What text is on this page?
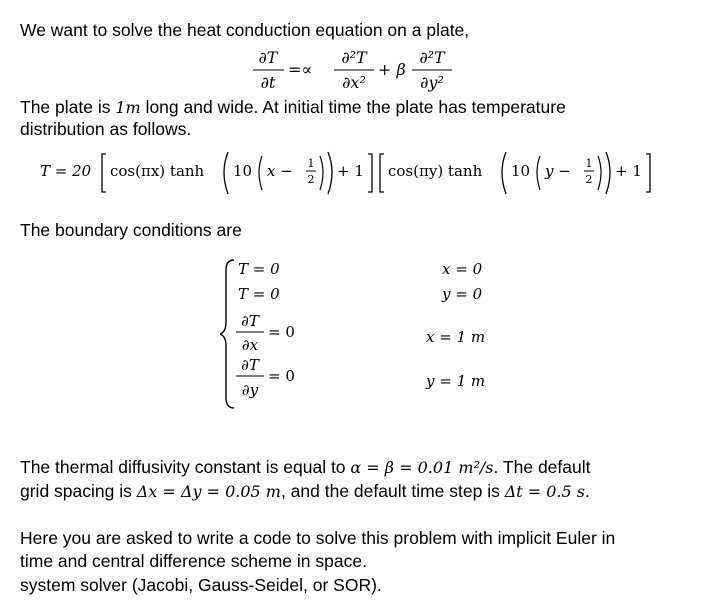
We want to solve the heat conduction equation on a plate,
∂T
∂t
=∝
∂²T
∂x²
+ β
∂²T
∂y²
The plate is 1m long and wide. At initial time the plate has temperature
distribution as follows.
T = 20 cos(πx) tanh 10 x − 1
2 + 1 cos(πy) tanh 10 y − 1
2 + 1
The boundary conditions are
T = 0	x = 0
T = 0	y = 0
∂T
∂x
= 0	x = 1 m
∂T
∂y
= 0	y = 1 m
The thermal diffusivity constant is equal to α = β = 0.01 m²/s. The default
grid spacing is Δx = Δy = 0.05 m, and the default time step is Δt = 0.5 s.
Here you are asked to write a code to solve this problem with implicit Euler in
time and central difference scheme in space.
system solver (Jacobi, Gauss-Seidel, or SOR).
